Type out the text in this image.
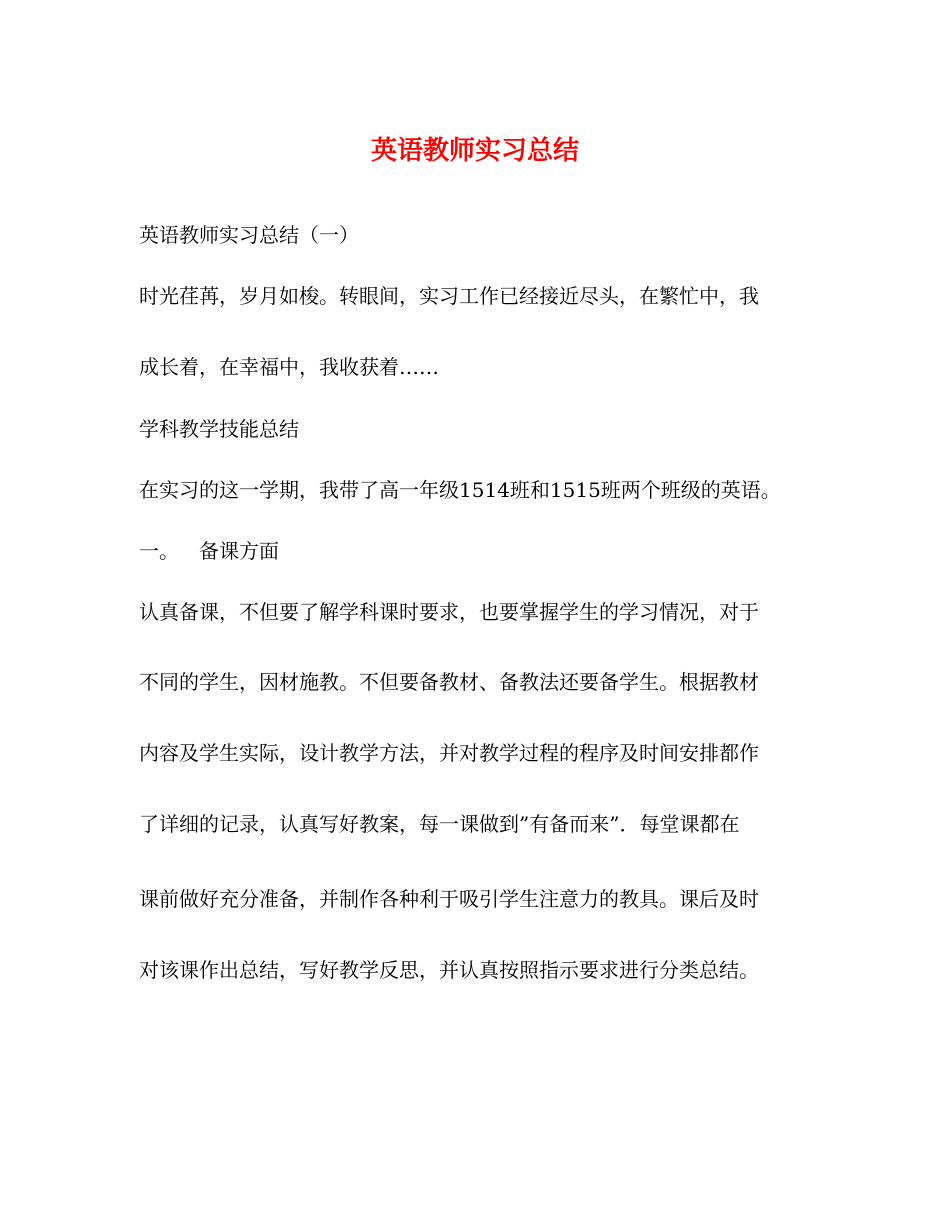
英语教师实习总结
英语教师实习总结（一）
时光荏苒，岁月如梭。转眼间，实习工作已经接近尽头，在繁忙中，我
成长着，在幸福中，我收获着……
学科教学技能总结
在实习的这一学期，我带了高一年级1514班和1515班两个班级的英语。
一。 备课方面
认真备课，不但要了解学科课时要求，也要掌握学生的学习情况，对于
不同的学生，因材施教。不但要备教材、备教法还要备学生。根据教材
内容及学生实际，设计教学方法，并对教学过程的程序及时间安排都作
了详细的记录，认真写好教案，每一课做到”有备而来”．每堂课都在
课前做好充分准备，并制作各种利于吸引学生注意力的教具。课后及时
对该课作出总结，写好教学反思，并认真按照指示要求进行分类总结。
